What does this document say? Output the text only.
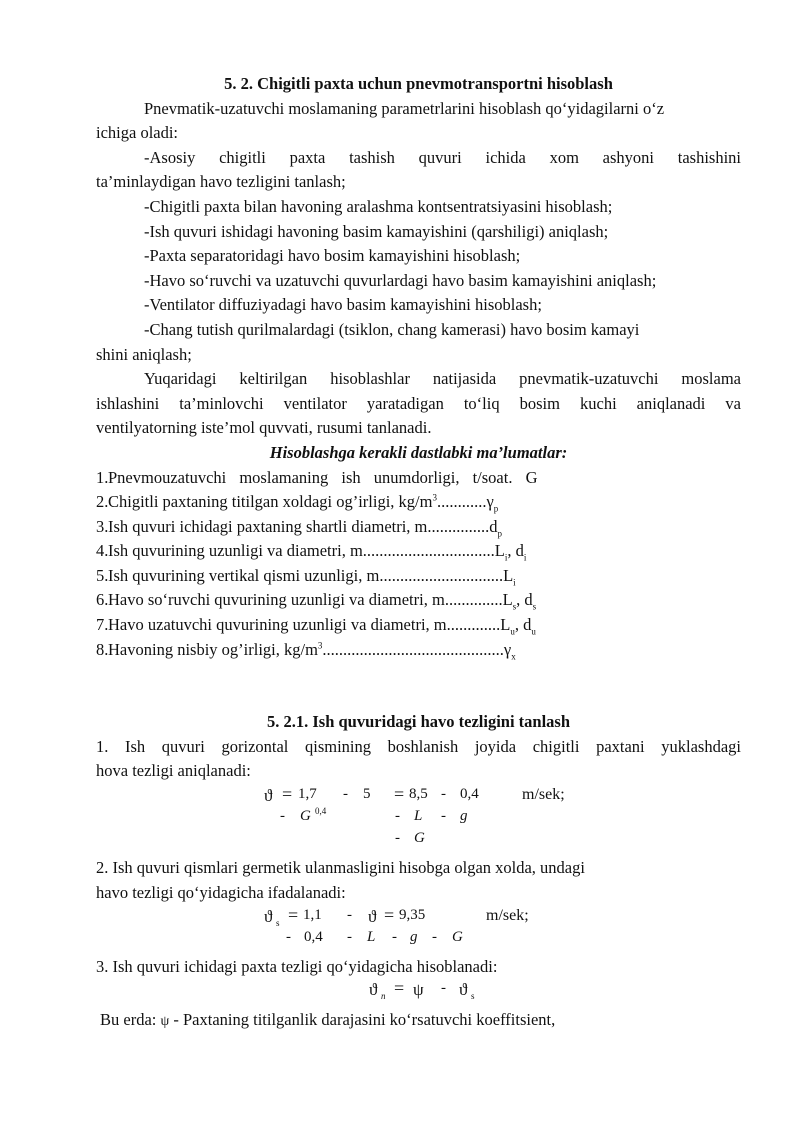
5. 2. Chigitli paxta uchun pnevmotransportni hisoblash
Pnevmatik-uzatuvchi moslamaning parametrlarini hisoblash qo‘yidagilarni o‘z
ichiga oladi:
-Asosiy chigitli paxta tashish quvuri ichida xom ashyoni tashishini
ta’minlaydigan havo tezligini tanlash;
-Chigitli paxta bilan havoning aralashma kontsentratsiyasini hisoblash;
-Ish quvuri ishidagi havoning basim kamayishini (qarshiligi) aniqlash;
-Paxta separatoridagi havo bosim kamayishini hisoblash;
-Havo so‘ruvchi va uzatuvchi quvurlardagi havo basim kamayishini aniqlash;
-Ventilator diffuziyadagi havo basim kamayishini hisoblash;
-Chang tutish qurilmalardagi (tsiklon, chang kamerasi) havo bosim kamayi
shini aniqlash;
Yuqaridagi keltirilgan hisoblashlar natijasida pnevmatik-uzatuvchi moslama
ishlashini ta’minlovchi ventilator yaratadigan to‘liq bosim kuchi aniqlanadi va
ventilyatorning iste’mol quvvati, rusumi tanlanadi.
Hisoblashga kerakli dastlabki ma’lumatlar:
1.Pnevmouzatuvchi moslamaning ish unumdorligi, t/soat. G
2.Chigitli paxtaning titilgan xoldagi og’irligi, $kg/m^3............\gamma_p$
3.Ish quvuri ichidagi paxtaning shartli diametri, $m...............d_p$
4.Ish quvurining uzunligi va diametri, $m................................L_i$, $d_i$
5.Ish quvurining vertikal qismi uzunligi, $m..............................L_i$
6.Havo so‘ruvchi quvurining uzunligi va diametri, $m..............L_s$, $d_s$
7.Havo uzatuvchi quvurining uzunligi va diametri, $m.............L_u$, $d_u$
8.Havoning nisbiy og’irligi, $kg/m^3............................................\gamma_x$
5. 2.1. Ish quvuridagi havo tezligini tanlash
1. Ish quvuri gorizontal qismining boshlanish joyida chigitli paxtani yuklashdagi
hova tezligi aniqlanadi:
ϑ = 1,7 - 5 = 8,5 - 0,4	m/sek;
- G 0,4	- L - g
- G
2. Ish quvuri qismlari germetik ulanmasligini hisobga olgan xolda, undagi
havo tezligi qo‘yidagicha ifadalanadi:
ϑ s = 1,1 - ϑ = 9,35	m/sek;
- 0,4 - L - g - G
3. Ish quvuri ichidagi paxta tezligi qo‘yidagicha hisoblanadi:
ϑ n = ψ - ϑ s
Bu erda: ψ - Paxtaning titilganlik darajasini ko‘rsatuvchi koeffitsient,
